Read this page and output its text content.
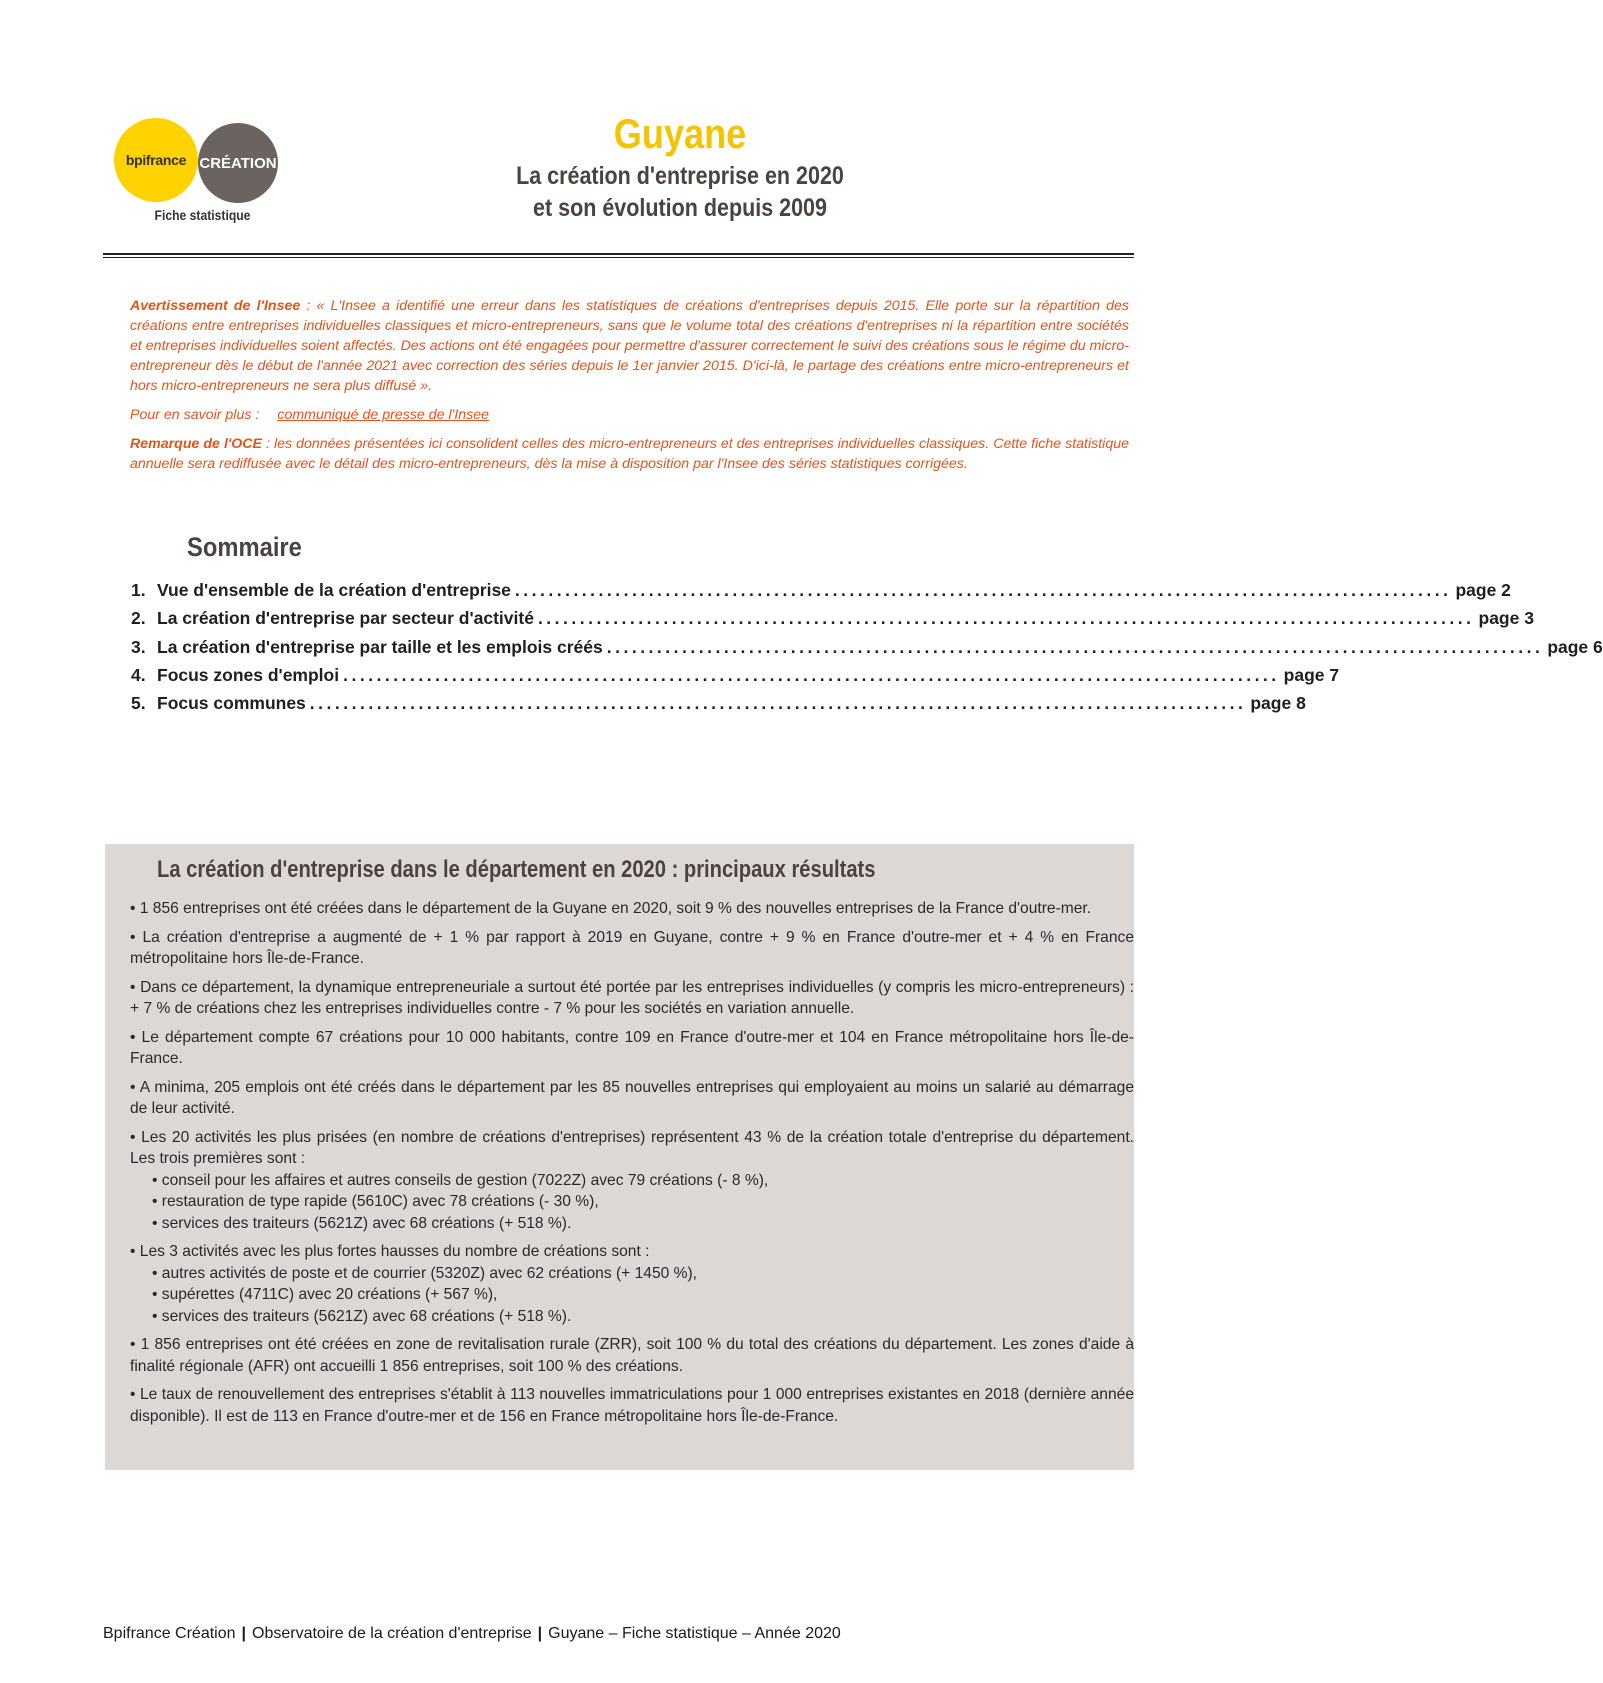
bpifrance CRÉATION
Fiche statistique
Guyane
La création d'entreprise en 2020
et son évolution depuis 2009

Avertissement de l'Insee : « L'Insee a identifié une erreur dans les statistiques de créations d'entreprises depuis 2015. Elle porte sur la répartition des créations entre entreprises individuelles classiques et micro-entrepreneurs, sans que le volume total des créations d'entreprises ni la répartition entre sociétés et entreprises individuelles soient affectés. Des actions ont été engagées pour permettre d'assurer correctement le suivi des créations sous le régime du micro-entrepreneur dès le début de l'année 2021 avec correction des séries depuis le 1er janvier 2015. D'ici-là, le partage des créations entre micro-entrepreneurs et hors micro-entrepreneurs ne sera plus diffusé ».

Pour en savoir plus : communiqué de presse de l'Insee

Remarque de l'OCE : les données présentées ici consolident celles des micro-entrepreneurs et des entreprises individuelles classiques. Cette fiche statistique annuelle sera rediffusée avec le détail des micro-entrepreneurs, dès la mise à disposition par l'Insee des séries statistiques corrigées.

Sommaire
1. Vue d'ensemble de la création d'entreprise ................................................................................................................ page 2
2. La création d'entreprise par secteur d'activité ................................................................................................................ page 3
3. La création d'entreprise par taille et les emplois créés ................................................................................................................ page 6
4. Focus zones d'emploi ................................................................................................................ page 7
5. Focus communes ................................................................................................................ page 8
La création d'entreprise dans le département en 2020 : principaux résultats

• 1 856 entreprises ont été créées dans le département de la Guyane en 2020, soit 9 % des nouvelles entreprises de la France d'outre-mer.

• La création d'entreprise a augmenté de + 1 % par rapport à 2019 en Guyane, contre + 9 % en France d'outre-mer et + 4 % en France métropolitaine hors Île-de-France.

• Dans ce département, la dynamique entrepreneuriale a surtout été portée par les entreprises individuelles (y compris les micro-entrepreneurs) : + 7 % de créations chez les entreprises individuelles contre - 7 % pour les sociétés en variation annuelle.

• Le département compte 67 créations pour 10 000 habitants, contre 109 en France d'outre-mer et 104 en France métropolitaine hors Île-de-France.

• A minima, 205 emplois ont été créés dans le département par les 85 nouvelles entreprises qui employaient au moins un salarié au démarrage de leur activité.

• Les 20 activités les plus prisées (en nombre de créations d'entreprises) représentent 43 % de la création totale d'entreprise du département. Les trois premières sont :

• conseil pour les affaires et autres conseils de gestion (7022Z) avec 79 créations (- 8 %),

• restauration de type rapide (5610C) avec 78 créations (- 30 %),

• services des traiteurs (5621Z) avec 68 créations (+ 518 %).

• Les 3 activités avec les plus fortes hausses du nombre de créations sont :

• autres activités de poste et de courrier (5320Z) avec 62 créations (+ 1450 %),

• supérettes (4711C) avec 20 créations (+ 567 %),

• services des traiteurs (5621Z) avec 68 créations (+ 518 %).

• 1 856 entreprises ont été créées en zone de revitalisation rurale (ZRR), soit 100 % du total des créations du département. Les zones d'aide à finalité régionale (AFR) ont accueilli 1 856 entreprises, soit 100 % des créations.

• Le taux de renouvellement des entreprises s'établit à 113 nouvelles immatriculations pour 1 000 entreprises existantes en 2018 (dernière année disponible). Il est de 113 en France d'outre-mer et de 156 en France métropolitaine hors Île-de-France.

Bpifrance Création | Observatoire de la création d'entreprise | Guyane – Fiche statistique – Année 2020
